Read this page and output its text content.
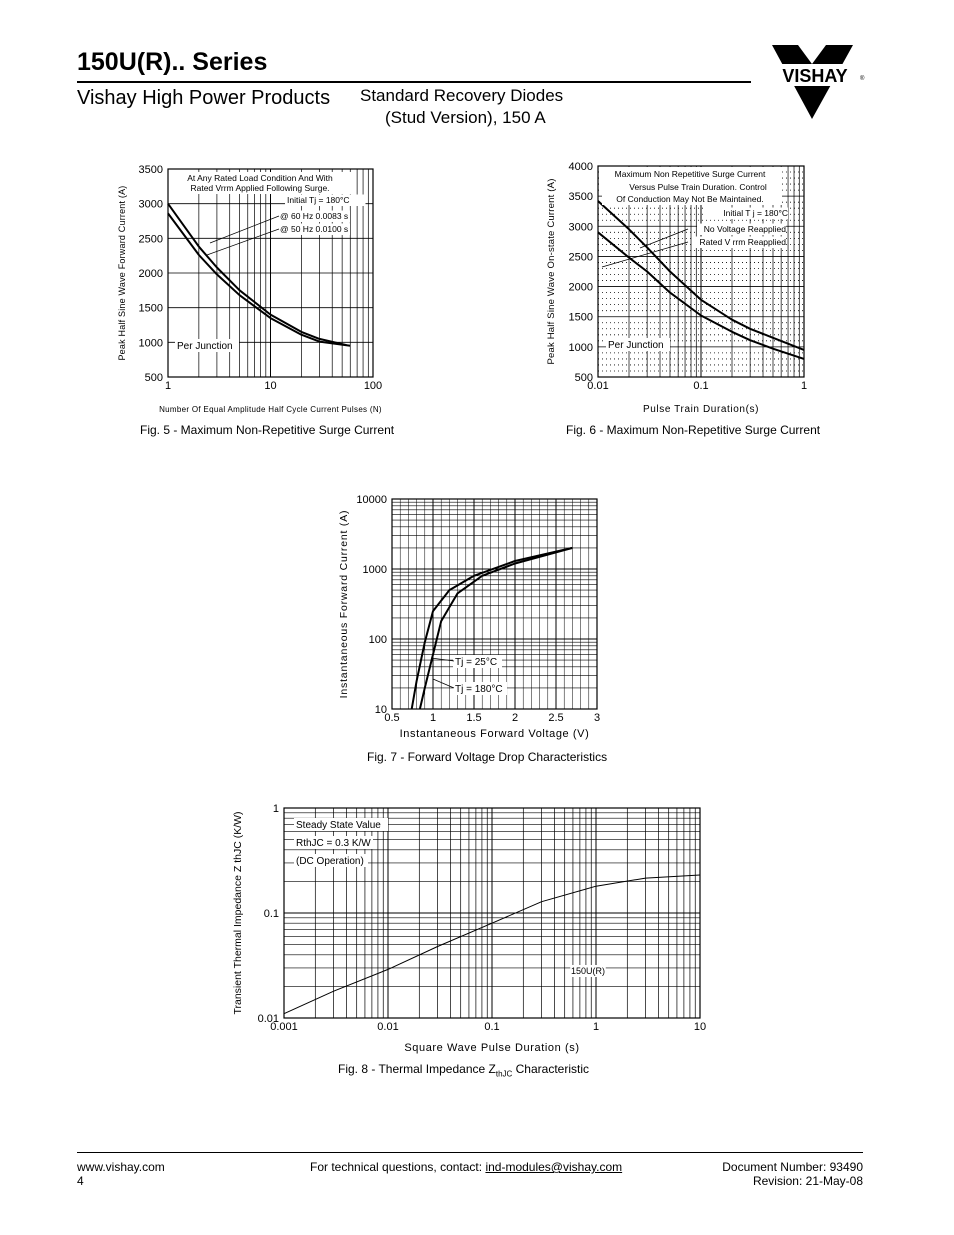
150U(R).. Series
Vishay High Power Products Standard Recovery Diodes
(Stud Version), 150 A
VISHAY ®
1	10	100
500
1000
1500
2000
2500
3000
3500
Number Of Equal Amplitude Half Cycle Current Pulses (N)
Peak Half Sine Wave Forward Current (A)
At Any Rated Load Condition And With
Rated Vrrm Applied Following Surge.
Initial Tj = 180°C
@ 60 Hz 0.0083 s
@ 50 Hz 0.0100 s
Per Junction
Fig. 5 - Maximum Non-Repetitive Surge Current
0.01	0.1	1
500
1000
1500
2000
2500
3000
3500
4000
Pulse Train Duration(s)
Peak Half Sine Wave On-state Current (A)
Maximum Non Repetitive Surge Current
Versus Pulse Train Duration. Control
Of Conduction May Not Be Maintained.
Initial T j = 180°C
No Voltage Reapplied
Rated V rrm Reapplied
Per Junction
Fig. 6 - Maximum Non-Repetitive Surge Current
0.5	1	1.5	2	2.5	3
10
100
1000
10000
Instantaneous Forward Voltage (V)
Instantaneous Forward Current (A)	Tj = 25°C
Tj = 180°C
Fig. 7 - Forward Voltage Drop Characteristics
0.001	0.01	0.1	1	10
0.01
0.1
1
Square Wave Pulse Duration (s)
Transient Thermal Impedance Z thJC (K/W)	Steady State Value
RthJC = 0.3 K/W
(DC Operation)
150U(R)
Fig. 8 - Thermal Impedance $Z_{thJC}$ Characteristic
www.vishay.com
4
For technical questions, contact: ind-modules@vishay.com	Document Number: 93490
Revision: 21-May-08
